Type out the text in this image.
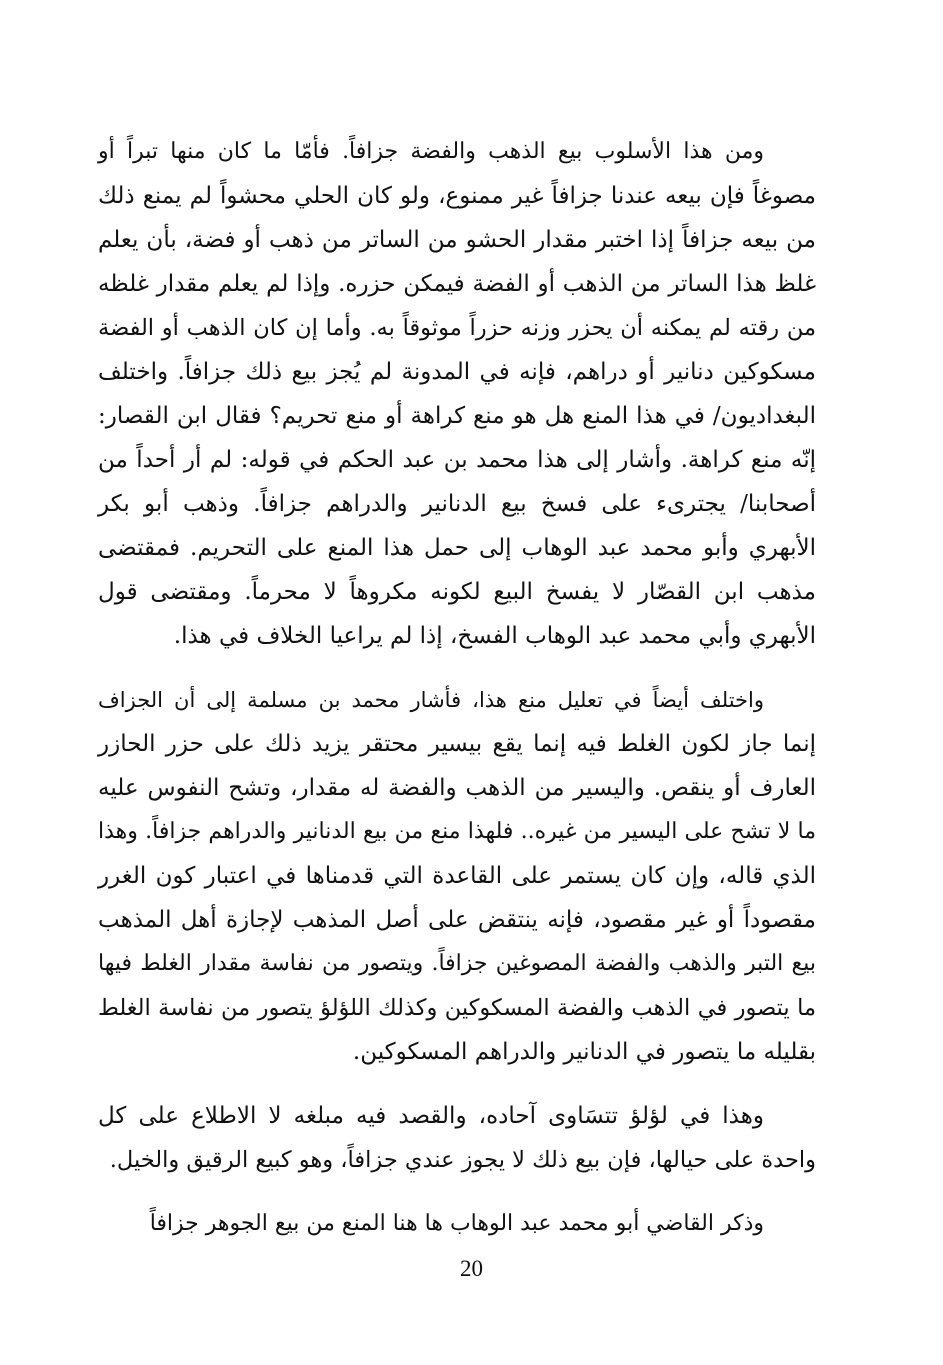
ومن هذا الأسلوب بيع الذهب والفضة جزافاً. فأمّا ما كان منها تبراً أو
مصوغاً فإن بيعه عندنا جزافاً غير ممنوع، ولو كان الحلي محشواً لم يمنع ذلك
من بيعه جزافاً إذا اختبر مقدار الحشو من الساتر من ذهب أو فضة، بأن يعلم
غلظ هذا الساتر من الذهب أو الفضة فيمكن حزره. وإذا لم يعلم مقدار غلظه
من رقته لم يمكنه أن يحزر وزنه حزراً موثوقاً به. وأما إن كان الذهب أو الفضة
مسكوكين دنانير أو دراهم، فإنه في المدونة لم يُجز بيع ذلك جزافاً. واختلف
البغداديون/ في هذا المنع هل هو منع كراهة أو منع تحريم؟ فقال ابن القصار:
إنّه منع كراهة. وأشار إلى هذا محمد بن عبد الحكم في قوله: لم أر أحداً من
أصحابنا/ يجترىء على فسخ بيع الدنانير والدراهم جزافاً. وذهب أبو بكر
الأبهري وأبو محمد عبد الوهاب إلى حمل هذا المنع على التحريم. فمقتضى
مذهب ابن القصّار لا يفسخ البيع لكونه مكروهاً لا محرماً. ومقتضى قول
الأبهري وأبي محمد عبد الوهاب الفسخ، إذا لم يراعيا الخلاف في هذا.

واختلف أيضاً في تعليل منع هذا، فأشار محمد بن مسلمة إلى أن الجزاف
إنما جاز لكون الغلط فيه إنما يقع بيسير محتقر يزيد ذلك على حزر الحازر
العارف أو ينقص. واليسير من الذهب والفضة له مقدار، وتشح النفوس عليه
ما لا تشح على اليسير من غيره.. فلهذا منع من بيع الدنانير والدراهم جزافاً. وهذا
الذي قاله، وإن كان يستمر على القاعدة التي قدمناها في اعتبار كون الغرر
مقصوداً أو غير مقصود، فإنه ينتقض على أصل المذهب لإجازة أهل المذهب
بيع التبر والذهب والفضة المصوغين جزافاً. ويتصور من نفاسة مقدار الغلط فيها
ما يتصور في الذهب والفضة المسكوكين وكذلك اللؤلؤ يتصور من نفاسة الغلط
بقليله ما يتصور في الدنانير والدراهم المسكوكين.

وهذا في لؤلؤ تتسَاوى آحاده، والقصد فيه مبلغه لا الاطلاع على كل
واحدة على حيالها، فإن بيع ذلك لا يجوز عندي جزافاً، وهو كبيع الرقيق والخيل.

وذكر القاضي أبو محمد عبد الوهاب ها هنا المنع من بيع الجوهر جزافاً

20
